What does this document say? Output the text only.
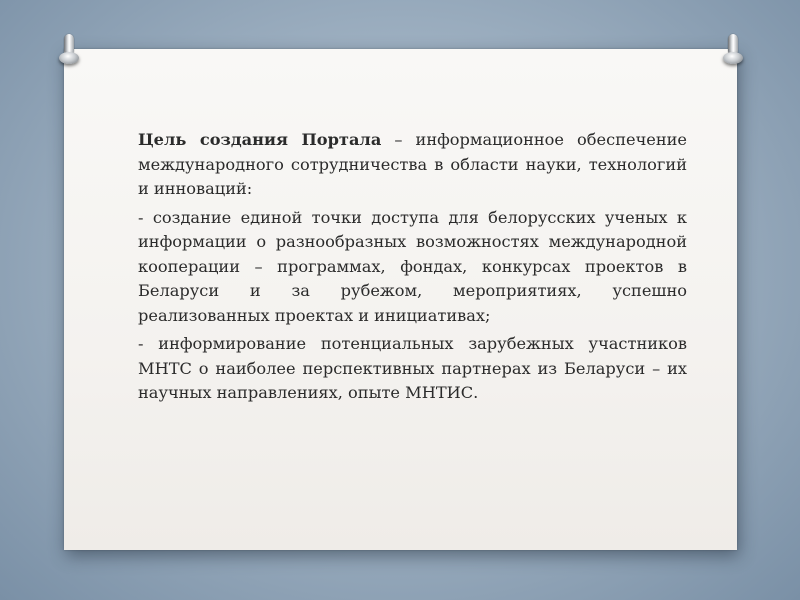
Цель создания Портала – информационное обеспечение международного сотрудничества в области науки, технологий и инноваций:

- создание единой точки доступа для белорусских ученых к информации о разнообразных возможностях международной кооперации – программах, фондах, конкурсах проектов в Беларуси и за рубежом, мероприятиях, успешно реализованных проектах и инициативах;

- информирование потенциальных зарубежных участников МНТС о наиболее перспективных партнерах из Беларуси – их научных направлениях, опыте МНТИС.
